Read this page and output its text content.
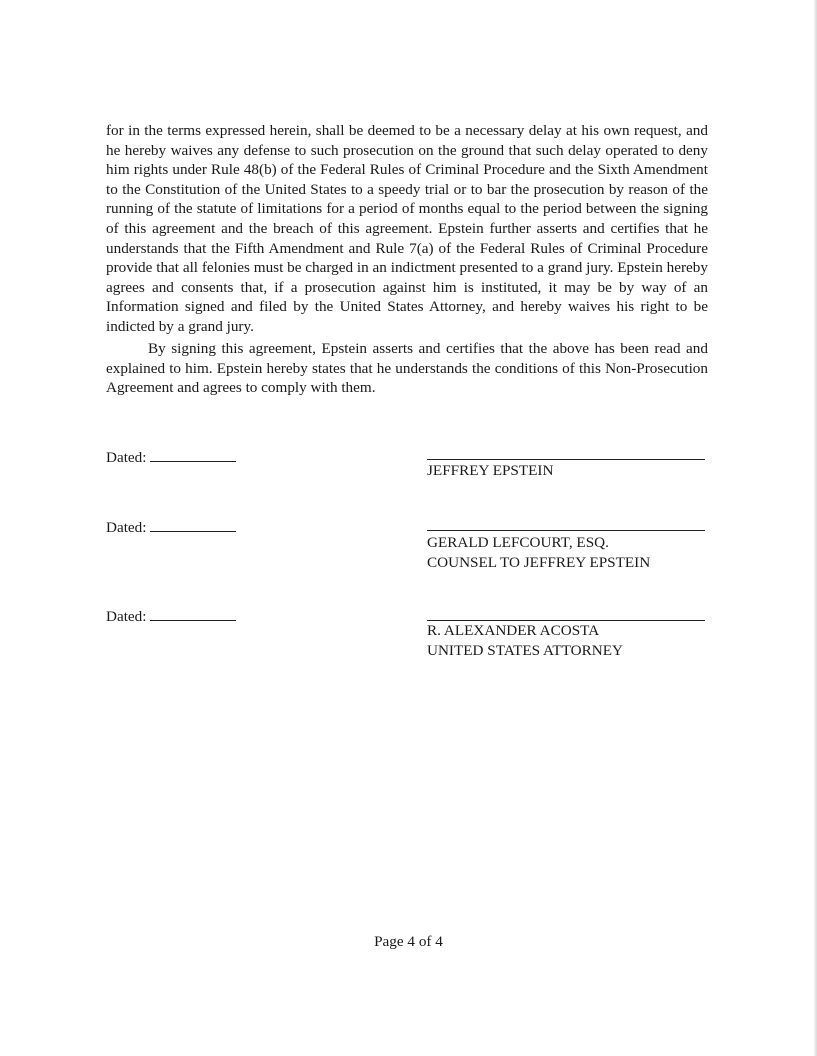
for in the terms expressed herein, shall be deemed to be a necessary delay at his own request, and he hereby waives any defense to such prosecution on the ground that such delay operated to deny him rights under Rule 48(b) of the Federal Rules of Criminal Procedure and the Sixth Amendment to the Constitution of the United States to a speedy trial or to bar the prosecution by reason of the running of the statute of limitations for a period of months equal to the period between the signing of this agreement and the breach of this agreement. Epstein further asserts and certifies that he understands that the Fifth Amendment and Rule 7(a) of the Federal Rules of Criminal Procedure provide that all felonies must be charged in an indictment presented to a grand jury. Epstein hereby agrees and consents that, if a prosecution against him is instituted, it may be by way of an Information signed and filed by the United States Attorney, and hereby waives his right to be indicted by a grand jury.

By signing this agreement, Epstein asserts and certifies that the above has been read and explained to him. Epstein hereby states that he understands the conditions of this Non-Prosecution Agreement and agrees to comply with them.

Dated:
JEFFREY EPSTEIN
Dated:
GERALD LEFCOURT, ESQ.
COUNSEL TO JEFFREY EPSTEIN
Dated:
R. ALEXANDER ACOSTA
UNITED STATES ATTORNEY
Page 4 of 4
